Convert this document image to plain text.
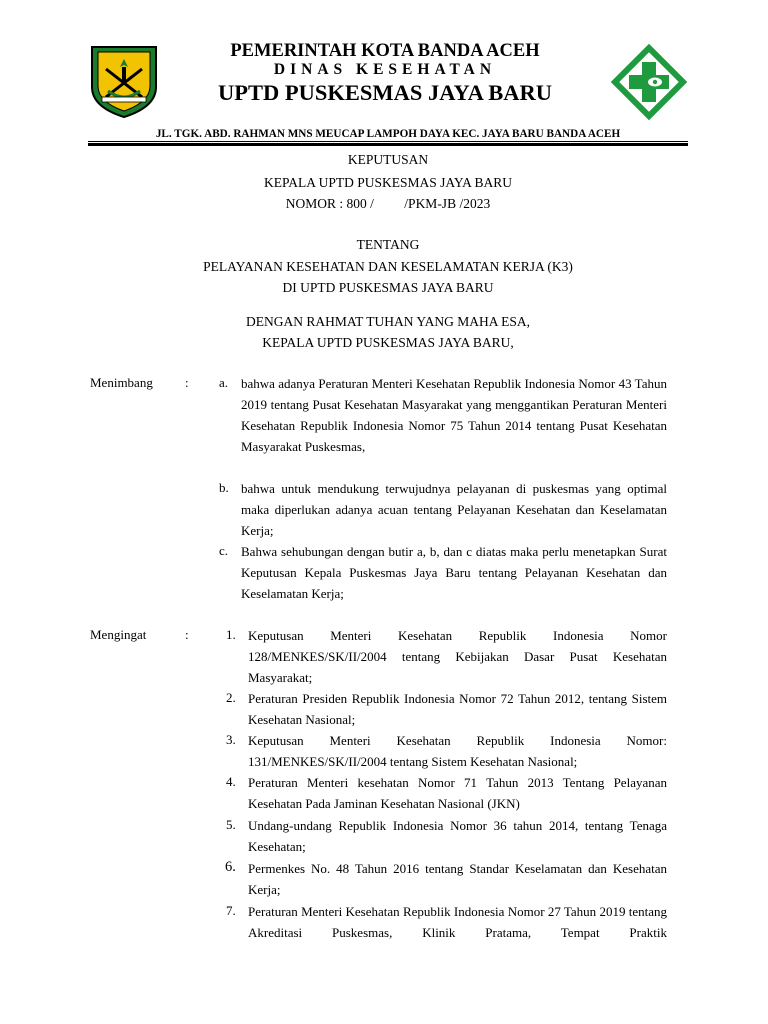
PEMERINTAH KOTA BANDA ACEH
DINAS KESEHATAN
UPTD PUSKESMAS JAYA BARU
JL. TGK. ABD. RAHMAN MNS MEUCAP LAMPOH DAYA KEC. JAYA BARU BANDA ACEH
KEPUTUSAN
KEPALA UPTD PUSKESMAS JAYA BARU
NOMOR : 800 /         /PKM-JB /2023
TENTANG
PELAYANAN KESEHATAN DAN KESELAMATAN KERJA (K3)
DI UPTD PUSKESMAS JAYA BARU
DENGAN RAHMAT TUHAN YANG MAHA ESA,
KEPALA UPTD PUSKESMAS JAYA BARU,
Menimbang : a. bahwa adanya Peraturan Menteri Kesehatan Republik Indonesia Nomor 43 Tahun 2019 tentang Pusat Kesehatan Masyarakat yang menggantikan Peraturan Menteri Kesehatan Republik Indonesia Nomor 75 Tahun 2014 tentang Pusat Kesehatan Masyarakat Puskesmas,
b. bahwa untuk mendukung terwujudnya pelayanan di puskesmas yang optimal maka diperlukan adanya acuan tentang Pelayanan Kesehatan dan Keselamatan Kerja;
c. Bahwa sehubungan dengan butir a, b, dan c diatas maka perlu menetapkan Surat Keputusan Kepala Puskesmas Jaya Baru tentang Pelayanan Kesehatan dan Keselamatan Kerja;
Mengingat	:	1. Keputusan Menteri Kesehatan Republik Indonesia Nomor 128/MENKES/SK/II/2004 tentang Kebijakan Dasar Pusat Kesehatan Masyarakat;
2. Peraturan Presiden Republik Indonesia Nomor 72 Tahun 2012, tentang Sistem Kesehatan Nasional;
3. Keputusan Menteri Kesehatan Republik Indonesia Nomor: 131/MENKES/SK/II/2004 tentang Sistem Kesehatan Nasional;
4. Peraturan Menteri kesehatan Nomor 71 Tahun 2013 Tentang Pelayanan Kesehatan Pada Jaminan Kesehatan Nasional (JKN)
5. Undang-undang Republik Indonesia Nomor 36 tahun 2014, tentang Tenaga Kesehatan;
6. Permenkes No. 48 Tahun 2016 tentang Standar Keselamatan dan Kesehatan Kerja;
7. Peraturan Menteri Kesehatan Republik Indonesia Nomor 27 Tahun 2019 tentang Akreditasi Puskesmas, Klinik Pratama, Tempat Praktik
